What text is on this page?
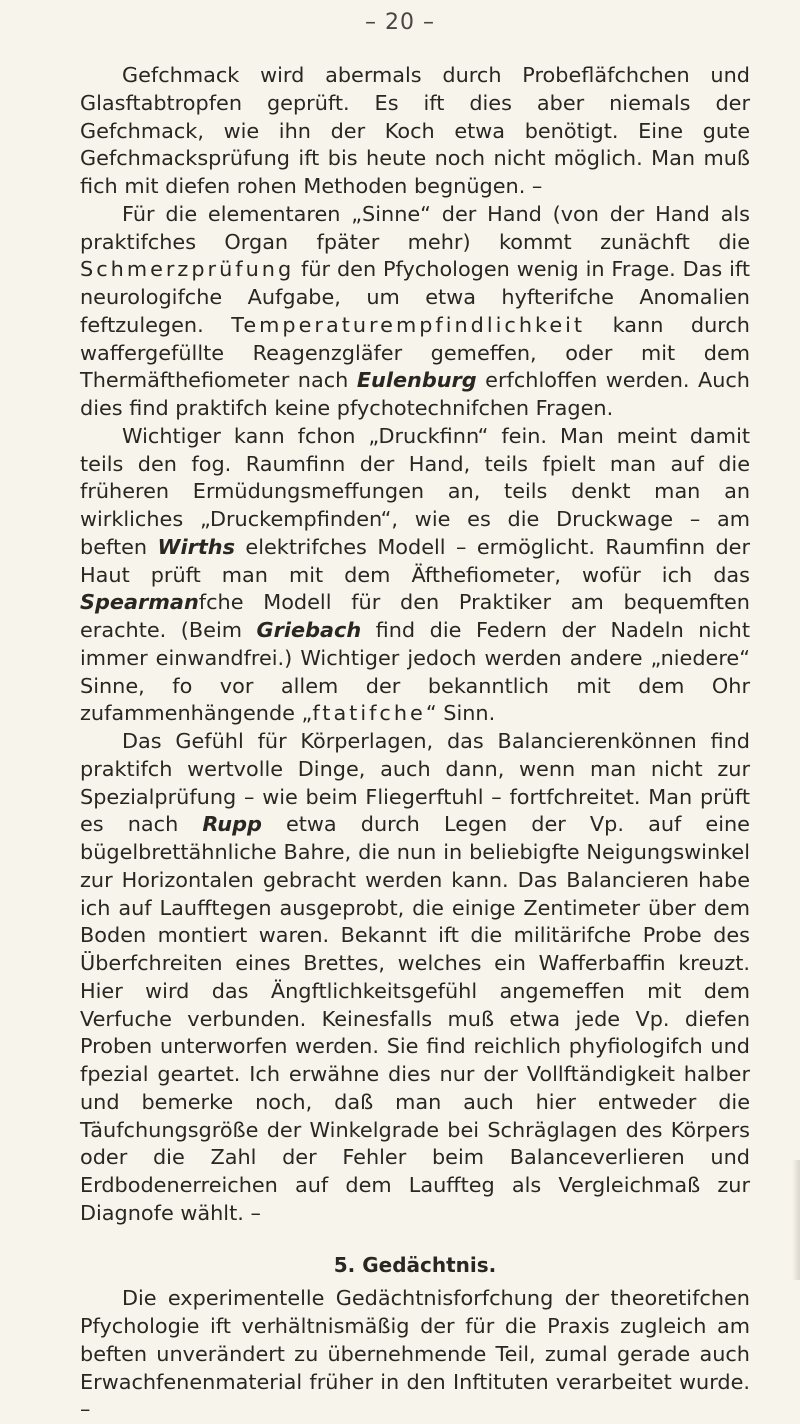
– 20 –

Gefchmack wird abermals durch Probefläfchchen und Glasftabtropfen geprüft. Es ift dies aber niemals der Gefchmack, wie ihn der Koch etwa benötigt. Eine gute Gefchmacksprüfung ift bis heute noch nicht möglich. Man muß fich mit diefen rohen Methoden begnügen. –

Für die elementaren „Sinne“ der Hand (von der Hand als praktifches Organ fpäter mehr) kommt zunächft die Schmerzprüfung für den Pfychologen wenig in Frage. Das ift neurologifche Aufgabe, um etwa hyfterifche Anomalien feftzulegen. Temperaturempfindlichkeit kann durch waffergefüllte Reagenzgläfer gemeffen, oder mit dem Thermäfthefiometer nach Eulenburg erfchloffen werden. Auch dies find praktifch keine pfychotechnifchen Fragen.

Wichtiger kann fchon „Druckfinn“ fein. Man meint damit teils den fog. Raumfinn der Hand, teils fpielt man auf die früheren Ermüdungsmeffungen an, teils denkt man an wirkliches „Druckempfinden“, wie es die Druckwage – am beften Wirths elektrifches Modell – ermöglicht. Raumfinn der Haut prüft man mit dem Äfthefiometer, wofür ich das Spearmanfche Modell für den Praktiker am bequemften erachte. (Beim Griebach find die Federn der Nadeln nicht immer einwandfrei.) Wichtiger jedoch werden andere „niedere“ Sinne, fo vor allem der bekanntlich mit dem Ohr zufammenhängende „ftatifche“ Sinn.

Das Gefühl für Körperlagen, das Balancierenkönnen find praktifch wertvolle Dinge, auch dann, wenn man nicht zur Spezialprüfung – wie beim Fliegerftuhl – fortfchreitet. Man prüft es nach Rupp etwa durch Legen der Vp. auf eine bügelbrettähnliche Bahre, die nun in beliebigfte Neigungswinkel zur Horizontalen gebracht werden kann. Das Balancieren habe ich auf Laufftegen ausgeprobt, die einige Zentimeter über dem Boden montiert waren. Bekannt ift die militärifche Probe des Überfchreiten eines Brettes, welches ein Wafferbaffin kreuzt. Hier wird das Ängftlichkeitsgefühl angemeffen mit dem Verfuche verbunden. Keinesfalls muß etwa jede Vp. diefen Proben unterworfen werden. Sie find reichlich phyfiologifch und fpezial geartet. Ich erwähne dies nur der Vollftändigkeit halber und bemerke noch, daß man auch hier entweder die Täufchungsgröße der Winkelgrade bei Schräglagen des Körpers oder die Zahl der Fehler beim Balanceverlieren und Erdbodenerreichen auf dem Lauffteg als Vergleichmaß zur Diagnofe wählt. –

5. Gedächtnis.

Die experimentelle Gedächtnisforfchung der theoretifchen Pfychologie ift verhältnismäßig der für die Praxis zugleich am beften unverändert zu übernehmende Teil, zumal gerade auch Erwachfenenmaterial früher in den Inftituten verarbeitet wurde. –
